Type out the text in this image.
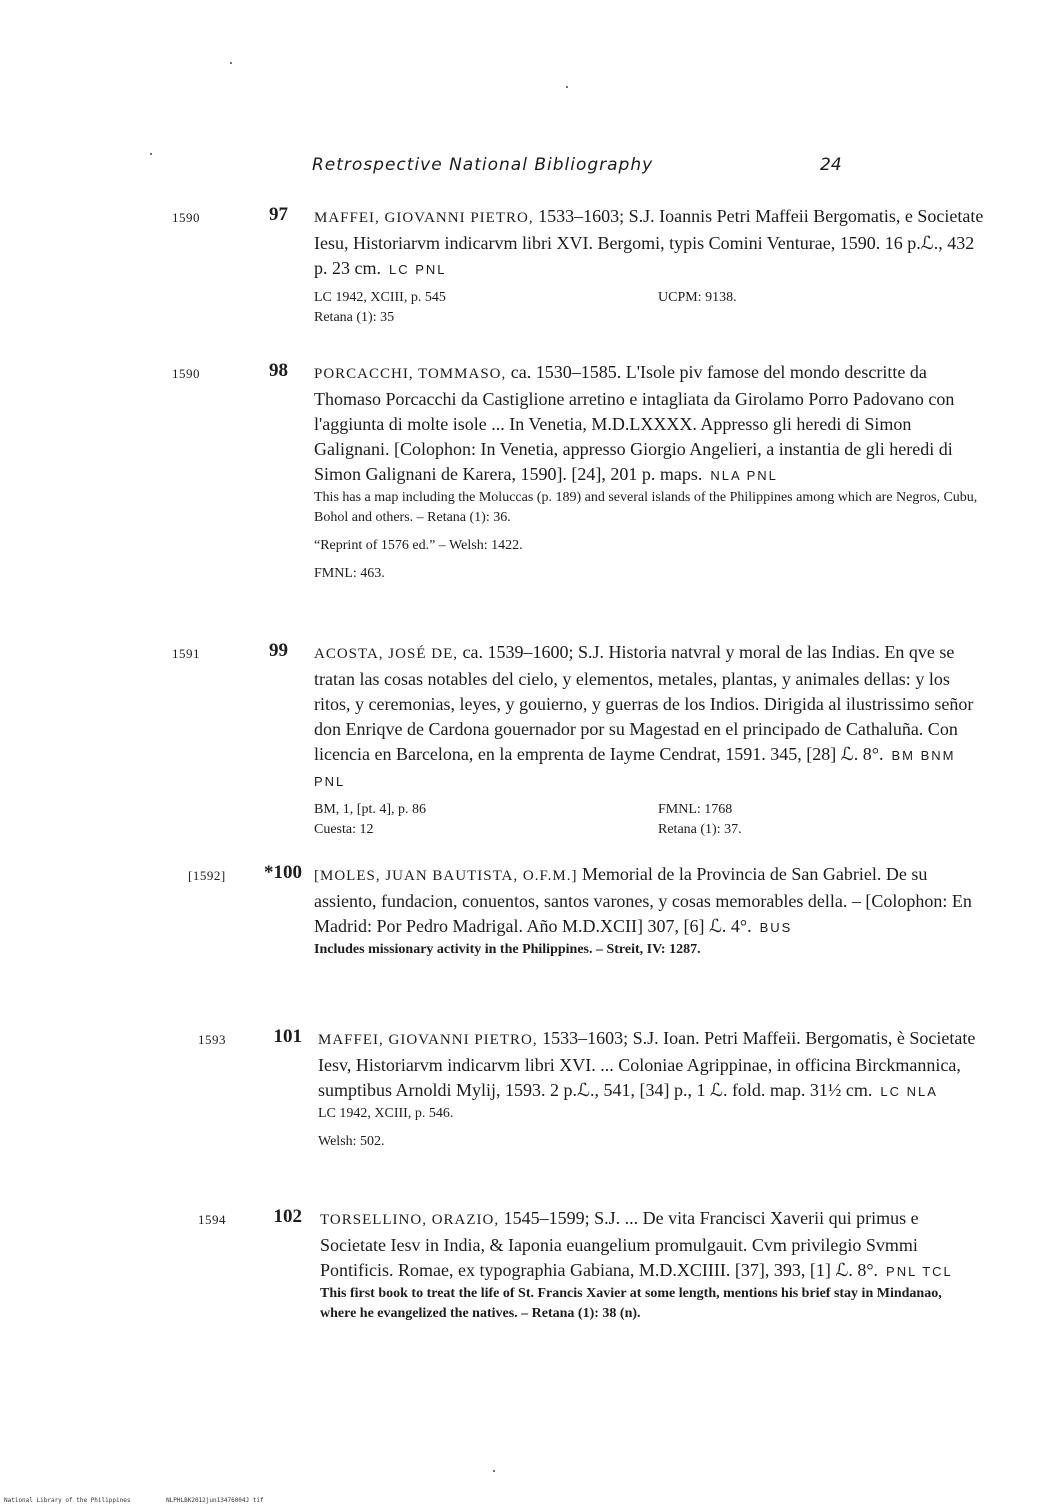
Retrospective National Bibliography	24
1590	97 MAFFEI, GIOVANNI PIETRO, 1533–1603; S.J. Ioannis Petri Maffeii Bergomatis, e Societate Iesu, Historiarvm indicarvm libri XVI. Bergomi, typis Comini Venturae, 1590. 16 p.ℒ., 432 p. 23 cm. LC PNL

LC 1942, XCIII, p. 545	UCPM: 9138.
Retana (1): 35
1590	98 PORCACCHI, TOMMASO, ca. 1530–1585. L'Isole piv famose del mondo descritte da Thomaso Porcacchi da Castiglione arretino e intagliata da Girolamo Porro Padovano con l'aggiunta di molte isole ... In Venetia, M.D.LXXXX. Appresso gli heredi di Simon Galignani. [Colophon: In Venetia, appresso Giorgio Angelieri, a instantia de gli heredi di Simon Galignani de Karera, 1590]. [24], 201 p. maps. NLA PNL

This has a map including the Moluccas (p. 189) and several islands of the Philippines among which are Negros, Cubu, Bohol and others. – Retana (1): 36.

“Reprint of 1576 ed.” – Welsh: 1422.

FMNL: 463.

1591	99 ACOSTA, JOSÉ DE, ca. 1539–1600; S.J. Historia natvral y moral de las Indias. En qve se tratan las cosas notables del cielo, y elementos, metales, plantas, y animales dellas: y los ritos, y ceremonias, leyes, y gouierno, y guerras de los Indios. Dirigida al ilustrissimo señor don Enriqve de Cardona gouernador por su Magestad en el principado de Cathaluña. Con licencia en Barcelona, en la emprenta de Iayme Cendrat, 1591. 345, [28] ℒ. 8°. BM BNM PNL

BM, 1, [pt. 4], p. 86	FMNL: 1768
Cuesta: 12	Retana (1): 37.
[1592]	*100 [MOLES, JUAN BAUTISTA, O.F.M.] Memorial de la Provincia de San Gabriel. De su assiento, fundacion, conuentos, santos varones, y cosas memorables della. – [Colophon: En Madrid: Por Pedro Madrigal. Año M.D.XCII] 307, [6] ℒ. 4°. BUS

Includes missionary activity in the Philippines. – Streit, IV: 1287.

1593	101 MAFFEI, GIOVANNI PIETRO, 1533–1603; S.J. Ioan. Petri Maffeii. Bergomatis, è Societate Iesv, Historiarvm indicarvm libri XVI. ... Coloniae Agrippinae, in officina Birckmannica, sumptibus Arnoldi Mylij, 1593. 2 p.ℒ., 541, [34] p., 1 ℒ. fold. map. 31½ cm. LC NLA

LC 1942, XCIII, p. 546.

Welsh: 502.

1594	102 TORSELLINO, ORAZIO, 1545–1599; S.J. ... De vita Francisci Xaverii qui primus e Societate Iesv in India, & Iaponia euangelium promulgauit. Cvm privilegio Svmmi Pontificis. Romae, ex typographia Gabiana, M.D.XCIIII. [37], 393, [1] ℒ. 8°. PNL TCL

This first book to treat the life of St. Francis Xavier at some length, mentions his brief stay in Mindanao, where he evangelized the natives. – Retana (1): 38 (n).

National Library of the Philippines	NLPHLBK2012jun13476004J tif
